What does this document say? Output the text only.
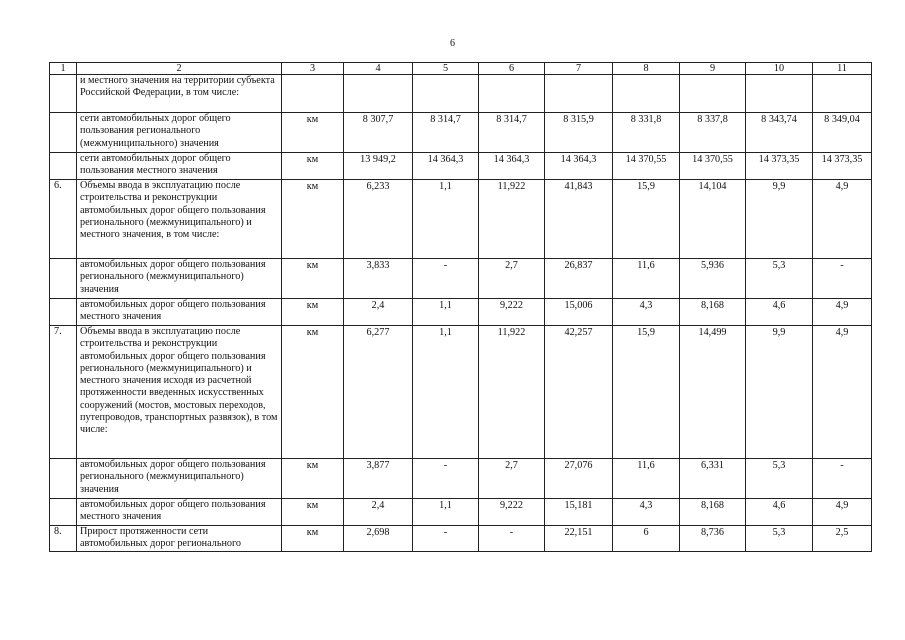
6
1	2	3	4	5	6	7	8	9	10	11
	и местного значения на территории субъекта Российской Федерации, в том числе:									
	сети автомобильных дорог общего пользования регионального (межмуниципального) значения	км	8 307,7	8 314,7	8 314,7	8 315,9	8 331,8	8 337,8	8 343,74	8 349,04
	сети автомобильных дорог общего пользования местного значения	км	13 949,2	14 364,3	14 364,3	14 364,3	14 370,55	14 370,55	14 373,35	14 373,35
6.	Объемы ввода в эксплуатацию после строительства и реконструкции автомобильных дорог общего пользования регионального (межмуниципального) и местного значения, в том числе:	км	6,233	1,1	11,922	41,843	15,9	14,104	9,9	4,9
	автомобильных дорог общего пользования регионального (межмуниципального) значения	км	3,833	-	2,7	26,837	11,6	5,936	5,3	-
	автомобильных дорог общего пользования местного значения	км	2,4	1,1	9,222	15,006	4,3	8,168	4,6	4,9
7.	Объемы ввода в эксплуатацию после строительства и реконструкции автомобильных дорог общего пользования регионального (межмуниципального) и местного значения исходя из расчетной протяженности введенных искусственных сооружений (мостов, мостовых переходов, путепроводов, транспортных развязок), в том числе:	км	6,277	1,1	11,922	42,257	15,9	14,499	9,9	4,9
	автомобильных дорог общего пользования регионального (межмуниципального) значения	км	3,877	-	2,7	27,076	11,6	6,331	5,3	-
	автомобильных дорог общего пользования местного значения	км	2,4	1,1	9,222	15,181	4,3	8,168	4,6	4,9
8.	Прирост протяженности сети автомобильных дорог регионального	км	2,698	-	-	22,151	6	8,736	5,3	2,5
